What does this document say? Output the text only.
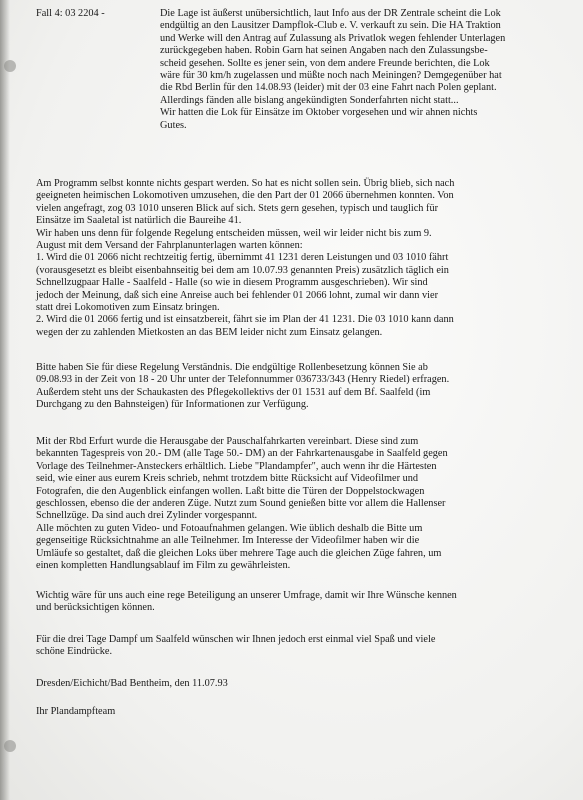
Fall 4: 03 2204 -	Die Lage ist äußerst unübersichtlich, laut Info aus der DR Zentrale scheint die Lok
endgültig an den Lausitzer Dampflok-Club e. V. verkauft zu sein. Die HA Traktion
und Werke will den Antrag auf Zulassung als Privatlok wegen fehlender Unterlagen
zurückgegeben haben. Robin Garn hat seinen Angaben nach den Zulassungsbe-
scheid gesehen. Sollte es jener sein, von dem andere Freunde berichten, die Lok
wäre für 30 km/h zugelassen und müßte noch nach Meiningen? Demgegenüber hat
die Rbd Berlin für den 14.08.93 (leider) mit der 03 eine Fahrt nach Polen geplant.
Allerdings fänden alle bislang angekündigten Sonderfahrten nicht statt...
Wir hatten die Lok für Einsätze im Oktober vorgesehen und wir ahnen nichts
Gutes.

Am Programm selbst konnte nichts gespart werden. So hat es nicht sollen sein. Übrig blieb, sich nach
geeigneten heimischen Lokomotiven umzusehen, die den Part der 01 2066 übernehmen konnten. Von
vielen angefragt, zog 03 1010 unseren Blick auf sich. Stets gern gesehen, typisch und tauglich für
Einsätze im Saaletal ist natürlich die Baureihe 41.
Wir haben uns denn für folgende Regelung entscheiden müssen, weil wir leider nicht bis zum 9.
August mit dem Versand der Fahrplanunterlagen warten können:
1. Wird die 01 2066 nicht rechtzeitig fertig, übernimmt 41 1231 deren Leistungen und 03 1010 fährt
(vorausgesetzt es bleibt eisenbahnseitig bei dem am 10.07.93 genannten Preis) zusätzlich täglich ein
Schnellzugpaar Halle - Saalfeld - Halle (so wie in diesem Programm ausgeschrieben). Wir sind
jedoch der Meinung, daß sich eine Anreise auch bei fehlender 01 2066 lohnt, zumal wir dann vier
statt drei Lokomotiven zum Einsatz bringen.
2. Wird die 01 2066 fertig und ist einsatzbereit, fährt sie im Plan der 41 1231. Die 03 1010 kann dann
wegen der zu zahlenden Mietkosten an das BEM leider nicht zum Einsatz gelangen.

Bitte haben Sie für diese Regelung Verständnis. Die endgültige Rollenbesetzung können Sie ab
09.08.93 in der Zeit von 18 - 20 Uhr unter der Telefonnummer 036733/343 (Henry Riedel) erfragen.
Außerdem steht uns der Schaukasten des Pflegekollektivs der 01 1531 auf dem Bf. Saalfeld (im
Durchgang zu den Bahnsteigen) für Informationen zur Verfügung.

Mit der Rbd Erfurt wurde die Herausgabe der Pauschalfahrkarten vereinbart. Diese sind zum
bekannten Tagespreis von 20.- DM (alle Tage 50.- DM) an der Fahrkartenausgabe in Saalfeld gegen
Vorlage des Teilnehmer-Ansteckers erhältlich. Liebe "Plandampfer", auch wenn ihr die Härtesten
seid, wie einer aus eurem Kreis schrieb, nehmt trotzdem bitte Rücksicht auf Videofilmer und
Fotografen, die den Augenblick einfangen wollen. Laßt bitte die Türen der Doppelstockwagen
geschlossen, ebenso die der anderen Züge. Nutzt zum Sound genießen bitte vor allem die Hallenser
Schnellzüge. Da sind auch drei Zylinder vorgespannt.
Alle möchten zu guten Video- und Fotoaufnahmen gelangen. Wie üblich deshalb die Bitte um
gegenseitige Rücksichtnahme an alle Teilnehmer. Im Interesse der Videofilmer haben wir die
Umläufe so gestaltet, daß die gleichen Loks über mehrere Tage auch die gleichen Züge fahren, um
einen kompletten Handlungsablauf im Film zu gewährleisten.

Wichtig wäre für uns auch eine rege Beteiligung an unserer Umfrage, damit wir Ihre Wünsche kennen
und berücksichtigen können.

Für die drei Tage Dampf um Saalfeld wünschen wir Ihnen jedoch erst einmal viel Spaß und viele
schöne Eindrücke.

Dresden/Eichicht/Bad Bentheim, den 11.07.93

Ihr Plandampfteam
